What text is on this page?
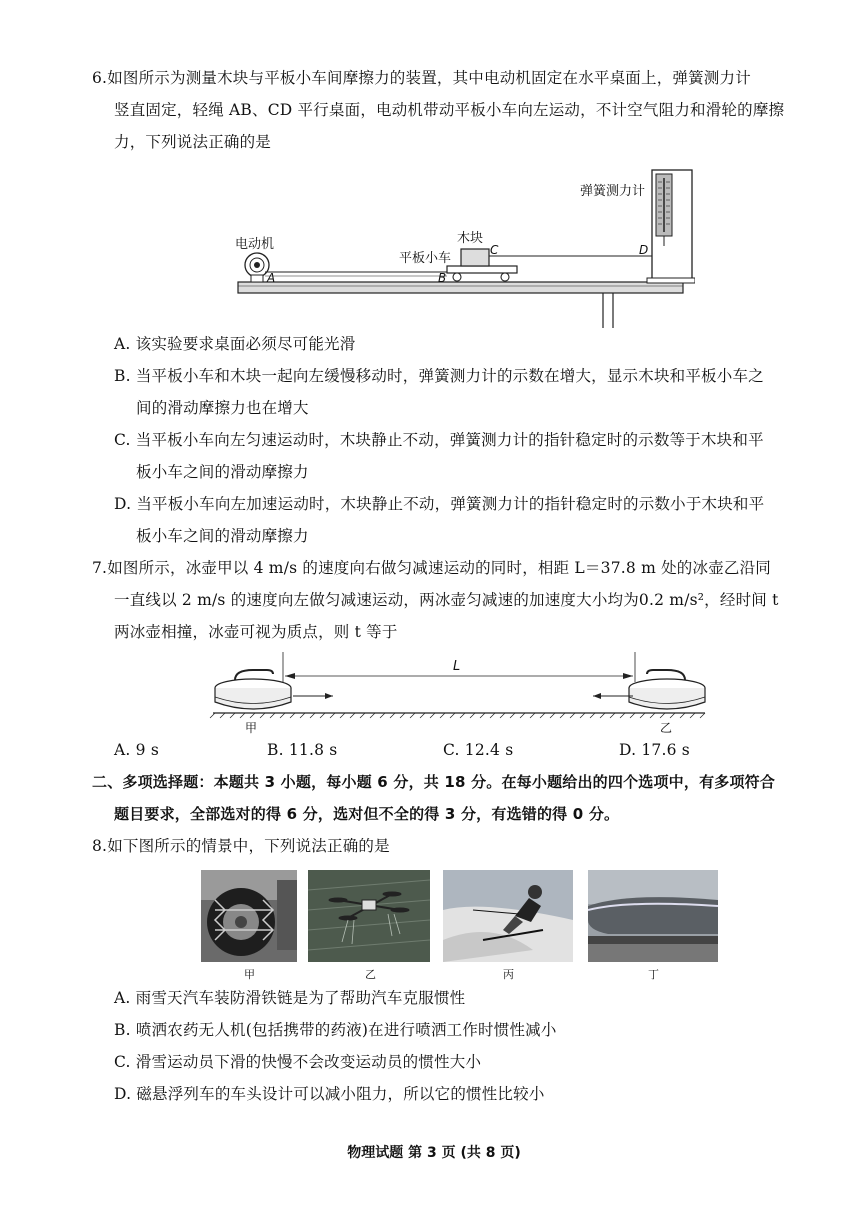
6.如图所示为测量木块与平板小车间摩擦力的装置，其中电动机固定在水平桌面上，弹簧测力计
竖直固定，轻绳 AB、CD 平行桌面，电动机带动平板小车向左运动，不计空气阻力和滑轮的摩擦
力，下列说法正确的是
弹簧测力计
电动机	木块
平板小车
A	B
C	D
A. 该实验要求桌面必须尽可能光滑
B. 当平板小车和木块一起向左缓慢移动时，弹簧测力计的示数在增大，显示木块和平板小车之
间的滑动摩擦力也在增大
C. 当平板小车向左匀速运动时，木块静止不动，弹簧测力计的指针稳定时的示数等于木块和平
板小车之间的滑动摩擦力
D. 当平板小车向左加速运动时，木块静止不动，弹簧测力计的指针稳定时的示数小于木块和平
板小车之间的滑动摩擦力
7.如图所示，冰壶甲以 4 m/s 的速度向右做匀减速运动的同时，相距 L＝37.8 m 处的冰壶乙沿同
一直线以 2 m/s 的速度向左做匀减速运动，两冰壶匀减速的加速度大小均为0.2 m/s²，经时间 t
两冰壶相撞，冰壶可视为质点，则 t 等于
L
甲	乙
A. 9 s	B. 11.8 s	C. 12.4 s	D. 17.6 s
二、多项选择题：本题共 3 小题，每小题 6 分，共 18 分。在每小题给出的四个选项中，有多项符合
题目要求，全部选对的得 6 分，选对但不全的得 3 分，有选错的得 0 分。
8.如下图所示的情景中，下列说法正确的是
甲	乙	丙	丁
A. 雨雪天汽车装防滑铁链是为了帮助汽车克服惯性
B. 喷洒农药无人机(包括携带的药液)在进行喷洒工作时惯性减小
C. 滑雪运动员下滑的快慢不会改变运动员的惯性大小
D. 磁悬浮列车的车头设计可以减小阻力，所以它的惯性比较小
物理试题 第 3 页 (共 8 页)
